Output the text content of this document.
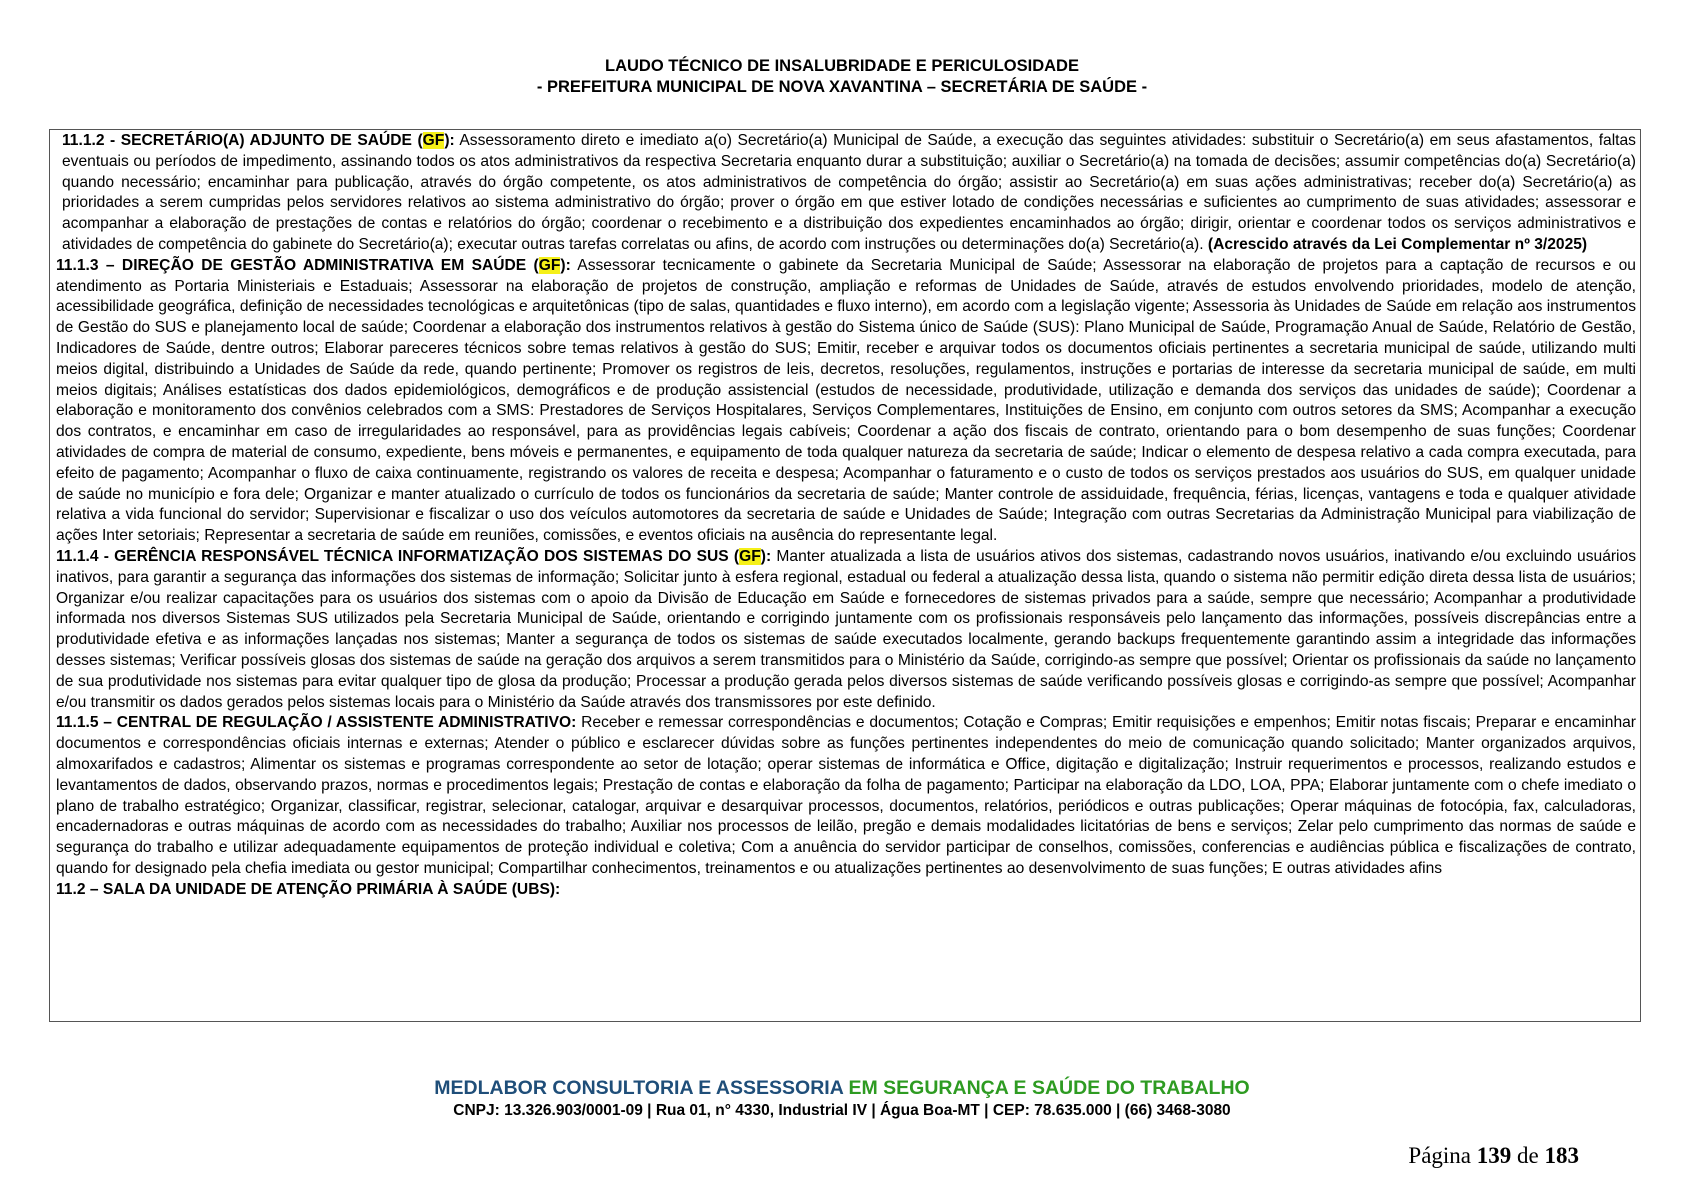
LAUDO TÉCNICO DE INSALUBRIDADE E PERICULOSIDADE
- PREFEITURA MUNICIPAL DE NOVA XAVANTINA – SECRETÁRIA DE SAÚDE -

11.1.2 - SECRETÁRIO(A) ADJUNTO DE SAÚDE (GF): Assessoramento direto e imediato a(o) Secretário(a) Municipal de Saúde, a execução das seguintes atividades: substituir o Secretário(a) em seus afastamentos, faltas eventuais ou períodos de impedimento, assinando todos os atos administrativos da respectiva Secretaria enquanto durar a substituição; auxiliar o Secretário(a) na tomada de decisões; assumir competências do(a) Secretário(a) quando necessário; encaminhar para publicação, através do órgão competente, os atos administrativos de competência do órgão; assistir ao Secretário(a) em suas ações administrativas; receber do(a) Secretário(a) as prioridades a serem cumpridas pelos servidores relativos ao sistema administrativo do órgão; prover o órgão em que estiver lotado de condições necessárias e suficientes ao cumprimento de suas atividades; assessorar e acompanhar a elaboração de prestações de contas e relatórios do órgão; coordenar o recebimento e a distribuição dos expedientes encaminhados ao órgão; dirigir, orientar e coordenar todos os serviços administrativos e atividades de competência do gabinete do Secretário(a); executar outras tarefas correlatas ou afins, de acordo com instruções ou determinações do(a) Secretário(a). (Acrescido através da Lei Complementar nº 3/2025)

11.1.3 – DIREÇÃO DE GESTÃO ADMINISTRATIVA EM SAÚDE (GF): Assessorar tecnicamente o gabinete da Secretaria Municipal de Saúde; Assessorar na elaboração de projetos para a captação de recursos e ou atendimento as Portaria Ministeriais e Estaduais; Assessorar na elaboração de projetos de construção, ampliação e reformas de Unidades de Saúde, através de estudos envolvendo prioridades, modelo de atenção, acessibilidade geográfica, definição de necessidades tecnológicas e arquitetônicas (tipo de salas, quantidades e fluxo interno), em acordo com a legislação vigente; Assessoria às Unidades de Saúde em relação aos instrumentos de Gestão do SUS e planejamento local de saúde; Coordenar a elaboração dos instrumentos relativos à gestão do Sistema único de Saúde (SUS): Plano Municipal de Saúde, Programação Anual de Saúde, Relatório de Gestão, Indicadores de Saúde, dentre outros; Elaborar pareceres técnicos sobre temas relativos à gestão do SUS; Emitir, receber e arquivar todos os documentos oficiais pertinentes a secretaria municipal de saúde, utilizando multi meios digital, distribuindo a Unidades de Saúde da rede, quando pertinente; Promover os registros de leis, decretos, resoluções, regulamentos, instruções e portarias de interesse da secretaria municipal de saúde, em multi meios digitais; Análises estatísticas dos dados epidemiológicos, demográficos e de produção assistencial (estudos de necessidade, produtividade, utilização e demanda dos serviços das unidades de saúde); Coordenar a elaboração e monitoramento dos convênios celebrados com a SMS: Prestadores de Serviços Hospitalares, Serviços Complementares, Instituições de Ensino, em conjunto com outros setores da SMS; Acompanhar a execução dos contratos, e encaminhar em caso de irregularidades ao responsável, para as providências legais cabíveis; Coordenar a ação dos fiscais de contrato, orientando para o bom desempenho de suas funções; Coordenar atividades de compra de material de consumo, expediente, bens móveis e permanentes, e equipamento de toda qualquer natureza da secretaria de saúde; Indicar o elemento de despesa relativo a cada compra executada, para efeito de pagamento; Acompanhar o fluxo de caixa continuamente, registrando os valores de receita e despesa; Acompanhar o faturamento e o custo de todos os serviços prestados aos usuários do SUS, em qualquer unidade de saúde no município e fora dele; Organizar e manter atualizado o currículo de todos os funcionários da secretaria de saúde; Manter controle de assiduidade, frequência, férias, licenças, vantagens e toda e qualquer atividade relativa a vida funcional do servidor; Supervisionar e fiscalizar o uso dos veículos automotores da secretaria de saúde e Unidades de Saúde; Integração com outras Secretarias da Administração Municipal para viabilização de ações Inter setoriais; Representar a secretaria de saúde em reuniões, comissões, e eventos oficiais na ausência do representante legal.

11.1.4 - GERÊNCIA RESPONSÁVEL TÉCNICA INFORMATIZAÇÃO DOS SISTEMAS DO SUS (GF): Manter atualizada a lista de usuários ativos dos sistemas, cadastrando novos usuários, inativando e/ou excluindo usuários inativos, para garantir a segurança das informações dos sistemas de informação; Solicitar junto à esfera regional, estadual ou federal a atualização dessa lista, quando o sistema não permitir edição direta dessa lista de usuários; Organizar e/ou realizar capacitações para os usuários dos sistemas com o apoio da Divisão de Educação em Saúde e fornecedores de sistemas privados para a saúde, sempre que necessário; Acompanhar a produtividade informada nos diversos Sistemas SUS utilizados pela Secretaria Municipal de Saúde, orientando e corrigindo juntamente com os profissionais responsáveis pelo lançamento das informações, possíveis discrepâncias entre a produtividade efetiva e as informações lançadas nos sistemas; Manter a segurança de todos os sistemas de saúde executados localmente, gerando backups frequentemente garantindo assim a integridade das informações desses sistemas; Verificar possíveis glosas dos sistemas de saúde na geração dos arquivos a serem transmitidos para o Ministério da Saúde, corrigindo-as sempre que possível; Orientar os profissionais da saúde no lançamento de sua produtividade nos sistemas para evitar qualquer tipo de glosa da produção; Processar a produção gerada pelos diversos sistemas de saúde verificando possíveis glosas e corrigindo-as sempre que possível; Acompanhar e/ou transmitir os dados gerados pelos sistemas locais para o Ministério da Saúde através dos transmissores por este definido.

11.1.5 – CENTRAL DE REGULAÇÃO / ASSISTENTE ADMINISTRATIVO: Receber e remessar correspondências e documentos; Cotação e Compras; Emitir requisições e empenhos; Emitir notas fiscais; Preparar e encaminhar documentos e correspondências oficiais internas e externas; Atender o público e esclarecer dúvidas sobre as funções pertinentes independentes do meio de comunicação quando solicitado; Manter organizados arquivos, almoxarifados e cadastros; Alimentar os sistemas e programas correspondente ao setor de lotação; operar sistemas de informática e Office, digitação e digitalização; Instruir requerimentos e processos, realizando estudos e levantamentos de dados, observando prazos, normas e procedimentos legais; Prestação de contas e elaboração da folha de pagamento; Participar na elaboração da LDO, LOA, PPA; Elaborar juntamente com o chefe imediato o plano de trabalho estratégico; Organizar, classificar, registrar, selecionar, catalogar, arquivar e desarquivar processos, documentos, relatórios, periódicos e outras publicações; Operar máquinas de fotocópia, fax, calculadoras, encadernadoras e outras máquinas de acordo com as necessidades do trabalho; Auxiliar nos processos de leilão, pregão e demais modalidades licitatórias de bens e serviços; Zelar pelo cumprimento das normas de saúde e segurança do trabalho e utilizar adequadamente equipamentos de proteção individual e coletiva; Com a anuência do servidor participar de conselhos, comissões, conferencias e audiências pública e fiscalizações de contrato, quando for designado pela chefia imediata ou gestor municipal; Compartilhar conhecimentos, treinamentos e ou atualizações pertinentes ao desenvolvimento de suas funções; E outras atividades afins

11.2 – SALA DA UNIDADE DE ATENÇÃO PRIMÁRIA À SAÚDE (UBS):

MEDLABOR CONSULTORIA E ASSESSORIA EM SEGURANÇA E SAÚDE DO TRABALHO
CNPJ: 13.326.903/0001-09 | Rua 01, n° 4330, Industrial IV | Água Boa-MT | CEP: 78.635.000 | (66) 3468-3080
Página 139 de 183
